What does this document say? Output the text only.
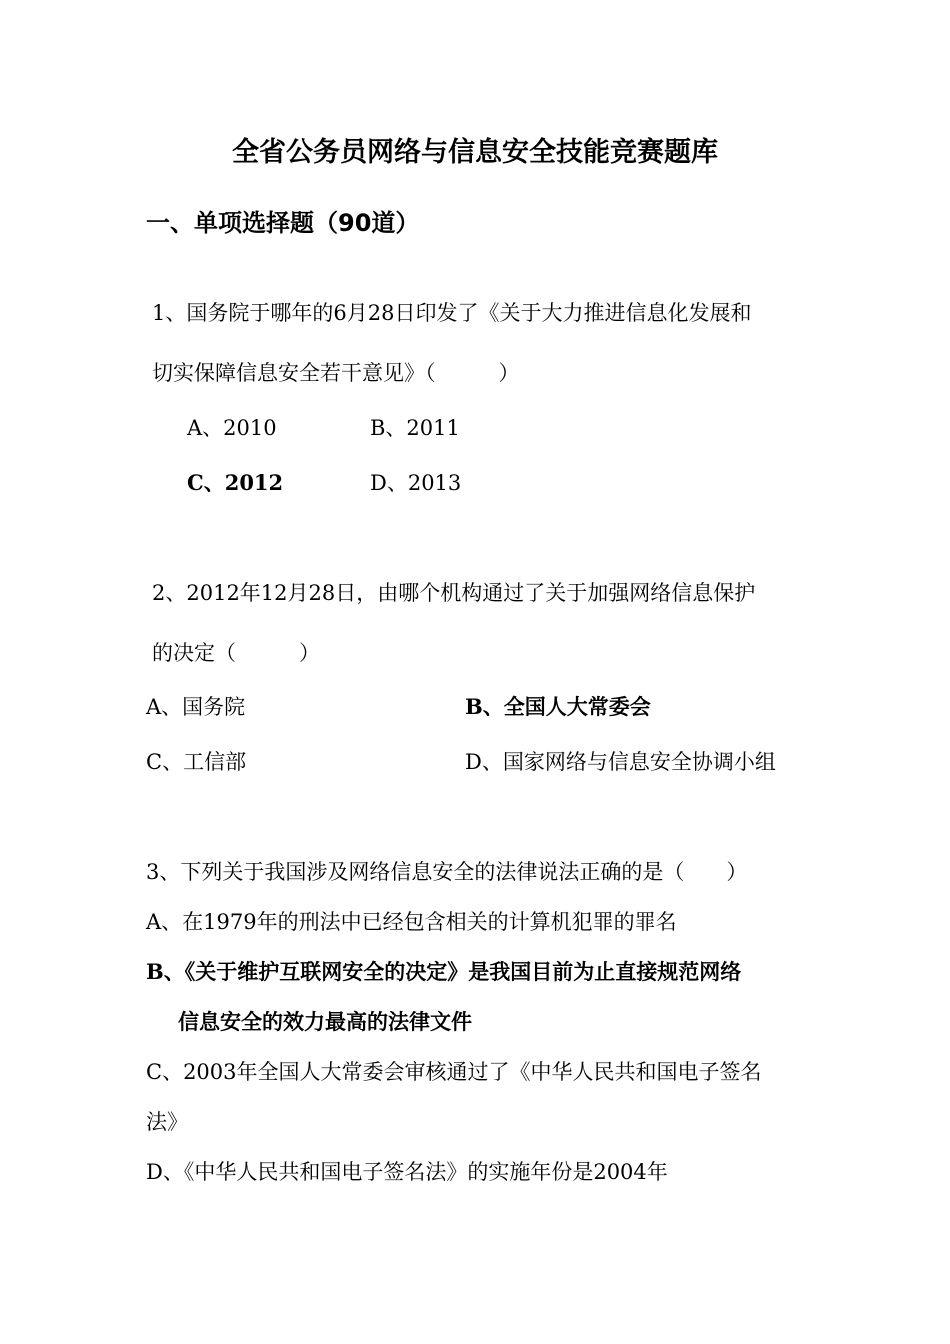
全省公务员网络与信息安全技能竞赛题库
一、单项选择题（90道）
1、国务院于哪年的6月28日印发了《关于大力推进信息化发展和
切实保障信息安全若干意见》（　　　）
A、2010	B、2011
C、2012	D、2013
2、2012年12月28日，由哪个机构通过了关于加强网络信息保护
的决定（　　　）
A、国务院	B、全国人大常委会
C、工信部	D、国家网络与信息安全协调小组
3、下列关于我国涉及网络信息安全的法律说法正确的是（　　）
A、在1979年的刑法中已经包含相关的计算机犯罪的罪名
B、《关于维护互联网安全的决定》是我国目前为止直接规范网络
信息安全的效力最高的法律文件
C、2003年全国人大常委会审核通过了《中华人民共和国电子签名
法》
D、《中华人民共和国电子签名法》的实施年份是2004年
